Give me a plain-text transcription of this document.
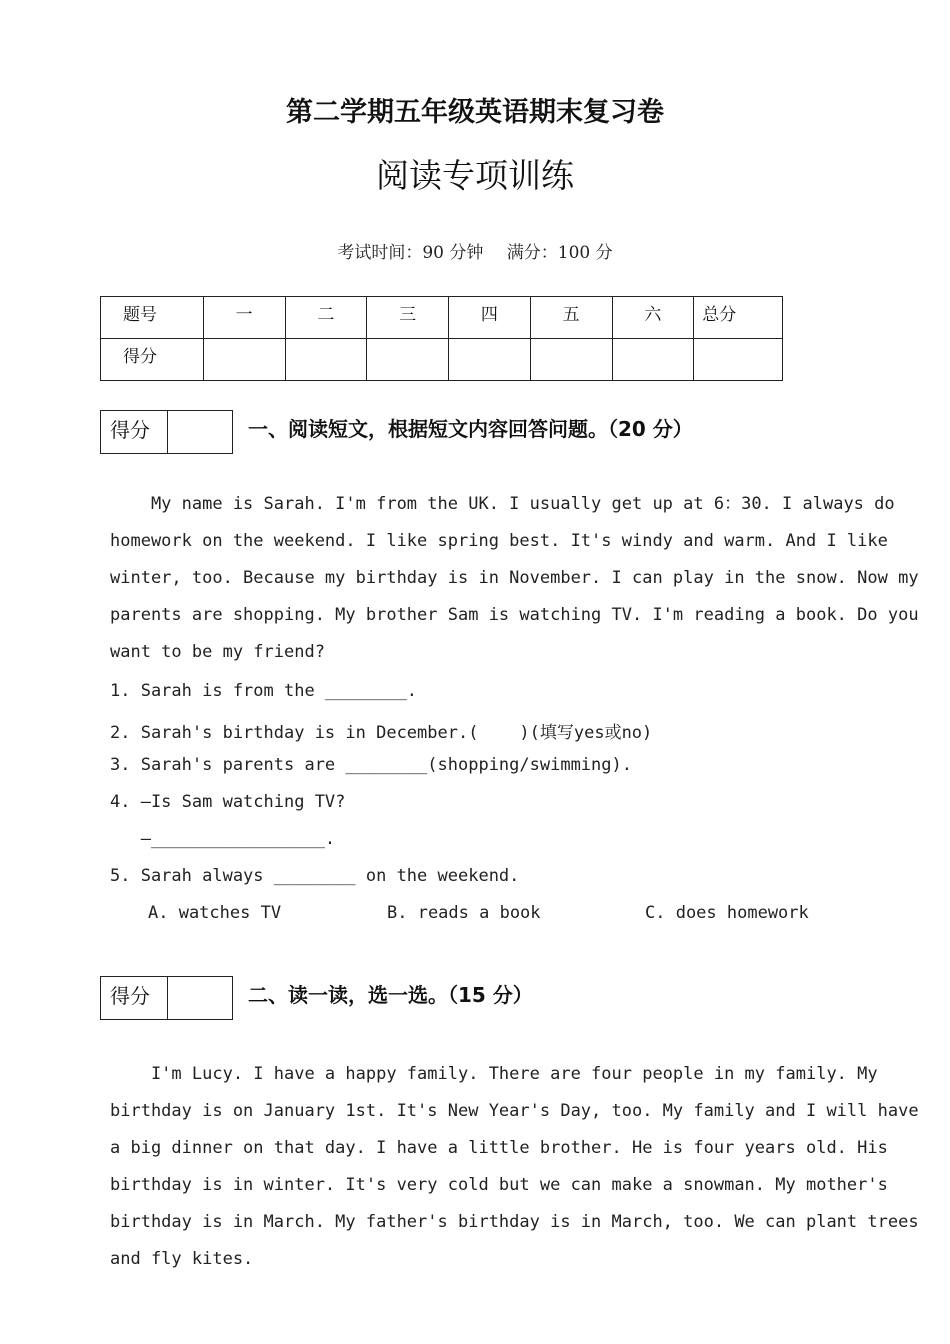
第二学期五年级英语期末复习卷
阅读专项训练
考试时间：90 分钟 满分：100 分
题号	一	二	三	四	五	六	总分
得分							
得分	一、阅读短文，根据短文内容回答问题。（20 分）
My name is Sarah. I'm from the UK. I usually get up at 6：30. I always do
homework on the weekend. I like spring best. It's windy and warm. And I like
winter, too. Because my birthday is in November. I can play in the snow. Now my
parents are shopping. My brother Sam is watching TV. I'm reading a book. Do you
want to be my friend?
1. Sarah is from the ________.
2. Sarah's birthday is in December.(    )(填写yes或no)
3. Sarah's parents are ________(shopping/swimming).
4. —Is Sam watching TV?
—_________________.
5. Sarah always ________ on the weekend.
A. watches TV	B. reads a book	C. does homework
得分	二、读一读，选一选。（15 分）
I'm Lucy. I have a happy family. There are four people in my family. My
birthday is on January 1st. It's New Year's Day, too. My family and I will have
a big dinner on that day. I have a little brother. He is four years old. His
birthday is in winter. It's very cold but we can make a snowman. My mother's
birthday is in March. My father's birthday is in March, too. We can plant trees
and fly kites.
